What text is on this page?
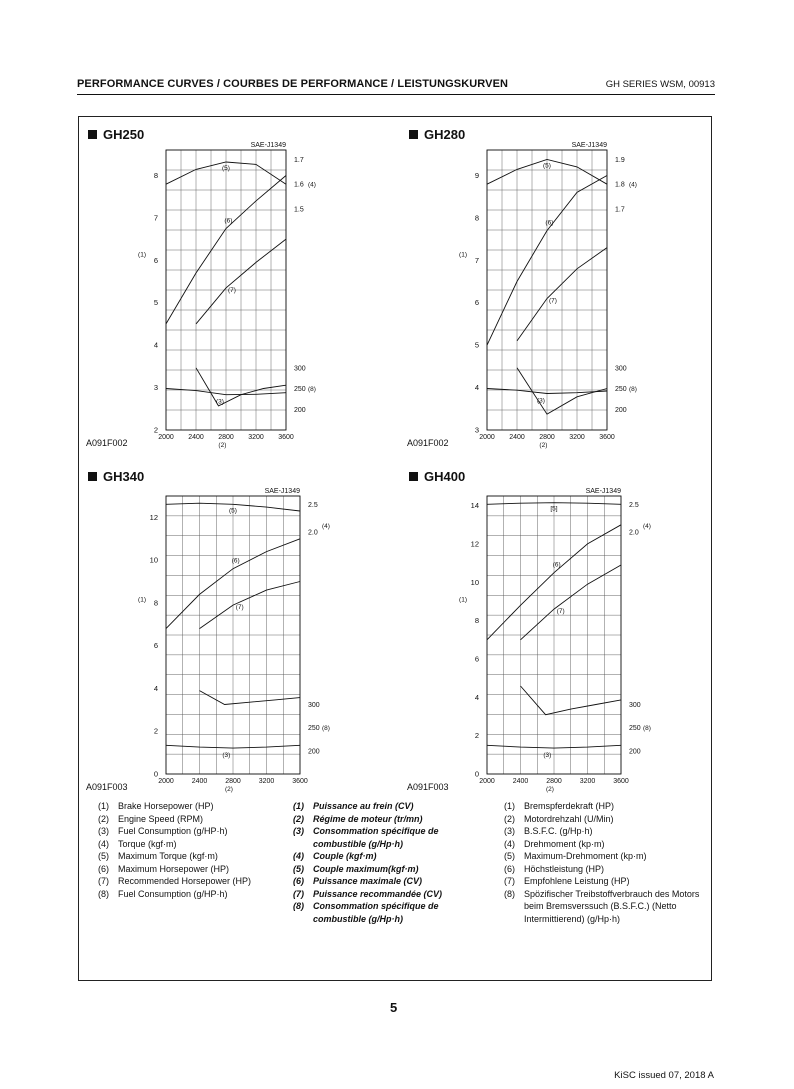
PERFORMANCE CURVES / COURBES DE PERFORMANCE / LEISTUNGSKURVEN	GH SERIES WSM, 00913
GH250	GH280
GH340	GH400
A091F002	A091F002
A091F003	A091F003
SAE-J1349
2000 2400 2800 3200 3600
(2)
2
3
4
5
6
7
8
(1)
1.7
1.6
1.5
(4)
300
250
200
(8)
(5)
(6)
(7)
(3)
SAE-J1349
2000 2400 2800 3200 3600
(2)
3
4
5
6
7
8
9
(1)
1.9
1.8
1.7
(4)
300
250
200
(8)
(5)
(6)
(7)
(3)
SAE-J1349
2000	2400	2800	3200	3600
(2)
0
2
4
6
8
10
12
(1)
2.5
2.0
(4)
300
250
200
(8)
(5)
(6)
(7)
(3)
SAE-J1349
2000	2400	2800	3200	3600
(2)
0
2
4
6
8
10
12
14
(1)
2.5
2.0
(4)
300
250
200
(8)
[5]
(6)
(7)
(3)
(1)	Brake Horsepower (HP)
(2)	Engine Speed (RPM)
(3)	Fuel Consumption (g/HP·h)
(4)	Torque (kgf·m)
(5)	Maximum Torque (kgf·m)
(6)	Maximum Horsepower (HP)
(7)	Recommended Horsepower (HP)
(8)	Fuel Consumption (g/HP·h)
(1)	Puissance au frein (CV)
(2)	Régime de moteur (tr/mn)
(3)	Consommation spécifique de combustible (g/Hp·h)
(4)	Couple (kgf·m)
(5)	Couple maximum(kgf·m)
(6)	Puissance maximale (CV)
(7)	Puissance recommandée (CV)
(8)	Consommation spécifique de combustible (g/Hp·h)
(1)	Bremspferdekraft (HP)
(2)	Motordrehzahl (U/Min)
(3)	B.S.F.C. (g/Hp·h)
(4)	Drehmoment (kp·m)
(5)	Maximum-Drehmoment (kp·m)
(6)	Höchstleistung (HP)
(7)	Empfohlene Leistung (HP)
(8)	Spözifischer Treibstoffverbrauch des Motors beim Bremsverssuch (B.S.F.C.) (Netto Intermittierend) (g/Hp·h)
5
KiSC issued 07, 2018 A
